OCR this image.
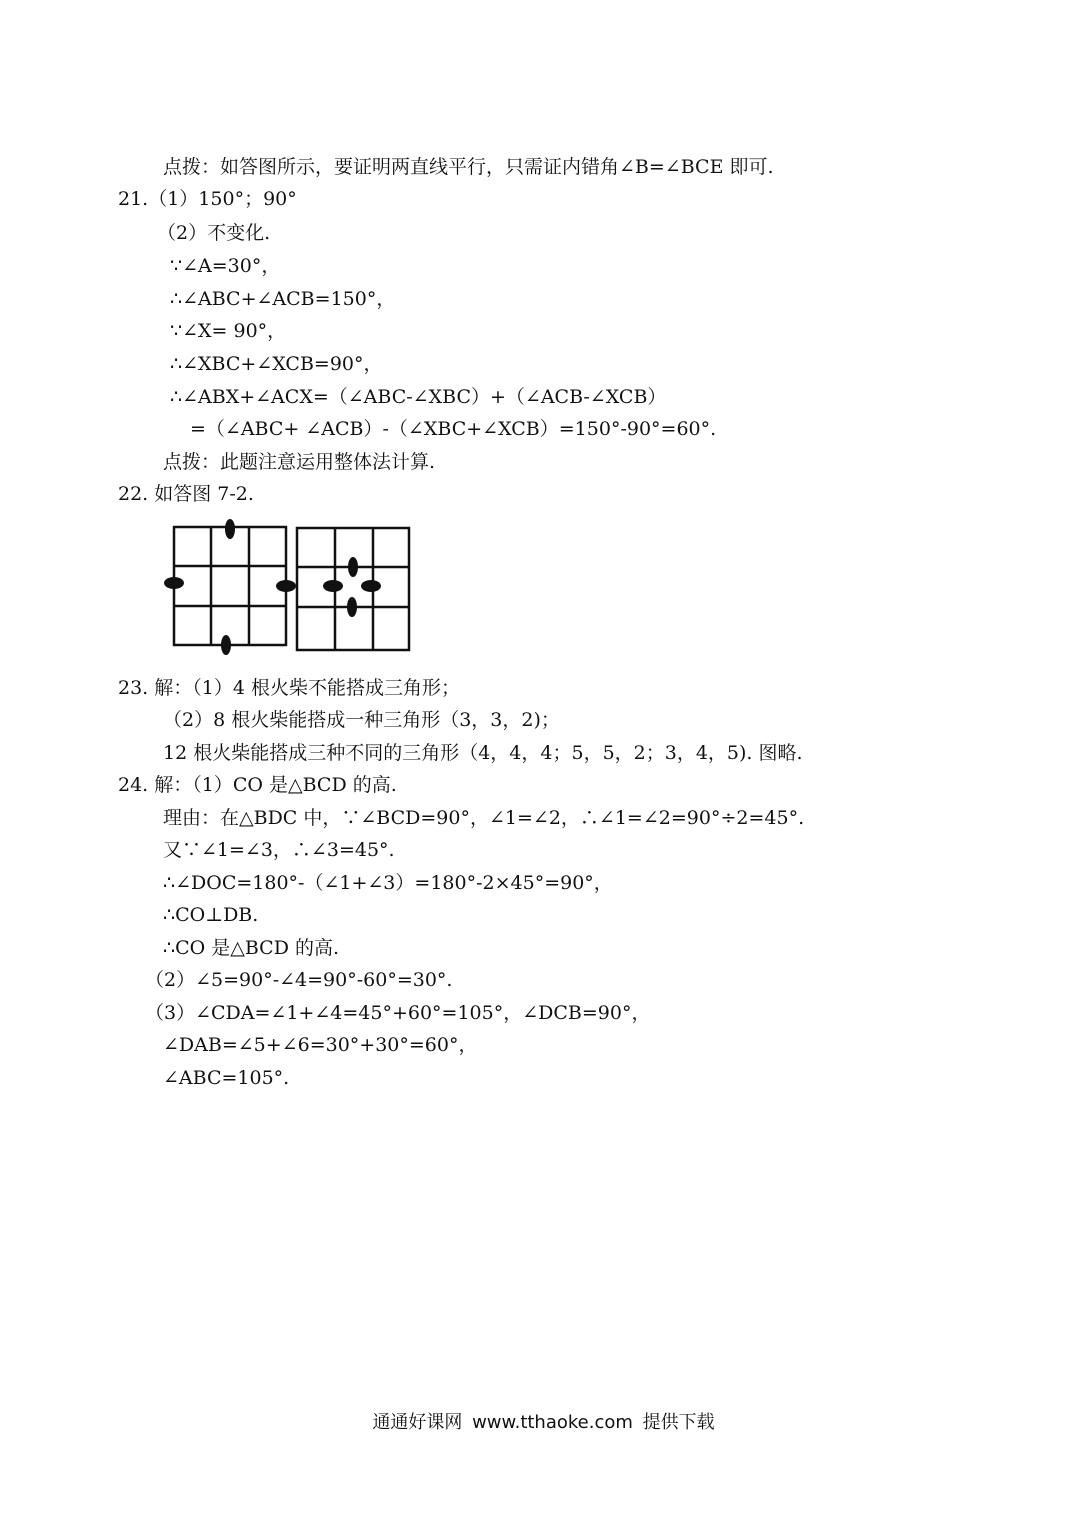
点拨：如答图所示，要证明两直线平行，只需证内错角∠B=∠BCE 即可.
21.（1）150°；90°
（2）不变化.
∵∠A=30°，
∴∠ABC+∠ACB=150°，
∵∠X= 90°，
∴∠XBC+∠XCB=90°，
∴∠ABX+∠ACX=（∠ABC-∠XBC）+（∠ACB-∠XCB）
=（∠ABC+ ∠ACB）-（∠XBC+∠XCB）=150°-90°=60°.
点拨：此题注意运用整体法计算.
22. 如答图 7-2.
23. 解：（1）4 根火柴不能搭成三角形；
（2）8 根火柴能搭成一种三角形（3，3，2)；
12 根火柴能搭成三种不同的三角形（4，4，4；5，5，2；3，4，5). 图略.
24. 解：（1）CO 是△BCD 的高.
理由：在△BDC 中，∵∠BCD=90°，∠1=∠2，∴∠1=∠2=90°÷2=45°.
又∵∠1=∠3，∴∠3=45°.
∴∠DOC=180°-（∠1+∠3）=180°-2×45°=90°，
∴CO⊥DB.
∴CO 是△BCD 的高.
（2）∠5=90°-∠4=90°-60°=30°.
（3）∠CDA=∠1+∠4=45°+60°=105°，∠DCB=90°，
∠DAB=∠5+∠6=30°+30°=60°，
∠ABC=105°.
通通好课网 www.tthaoke.com 提供下载
